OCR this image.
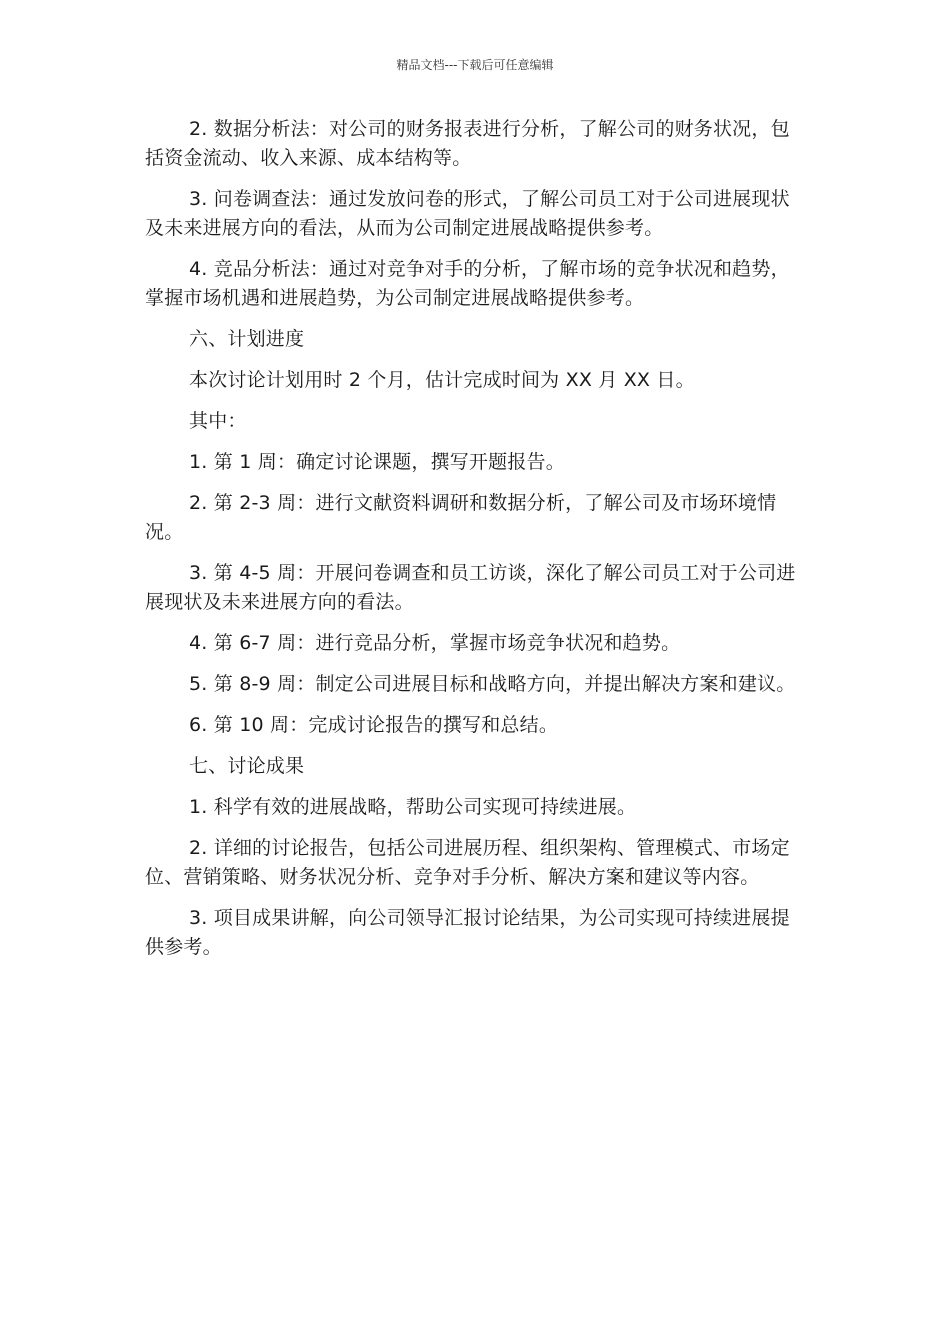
精品文档---下载后可任意编辑

2. 数据分析法：对公司的财务报表进行分析，了解公司的财务状况，包括资金流动、收入来源、成本结构等。

3. 问卷调查法：通过发放问卷的形式，了解公司员工对于公司进展现状及未来进展方向的看法，从而为公司制定进展战略提供参考。

4. 竞品分析法：通过对竞争对手的分析，了解市场的竞争状况和趋势，掌握市场机遇和进展趋势，为公司制定进展战略提供参考。

六、计划进度

本次讨论计划用时 2 个月，估计完成时间为 XX 月 XX 日。

其中：

1. 第 1 周：确定讨论课题，撰写开题报告。

2. 第 2-3 周：进行文献资料调研和数据分析，了解公司及市场环境情况。

3. 第 4-5 周：开展问卷调查和员工访谈，深化了解公司员工对于公司进展现状及未来进展方向的看法。

4. 第 6-7 周：进行竞品分析，掌握市场竞争状况和趋势。

5. 第 8-9 周：制定公司进展目标和战略方向，并提出解决方案和建议。

6. 第 10 周：完成讨论报告的撰写和总结。

七、讨论成果

1. 科学有效的进展战略，帮助公司实现可持续进展。

2. 详细的讨论报告，包括公司进展历程、组织架构、管理模式、市场定位、营销策略、财务状况分析、竞争对手分析、解决方案和建议等内容。

3. 项目成果讲解，向公司领导汇报讨论结果，为公司实现可持续进展提供参考。
